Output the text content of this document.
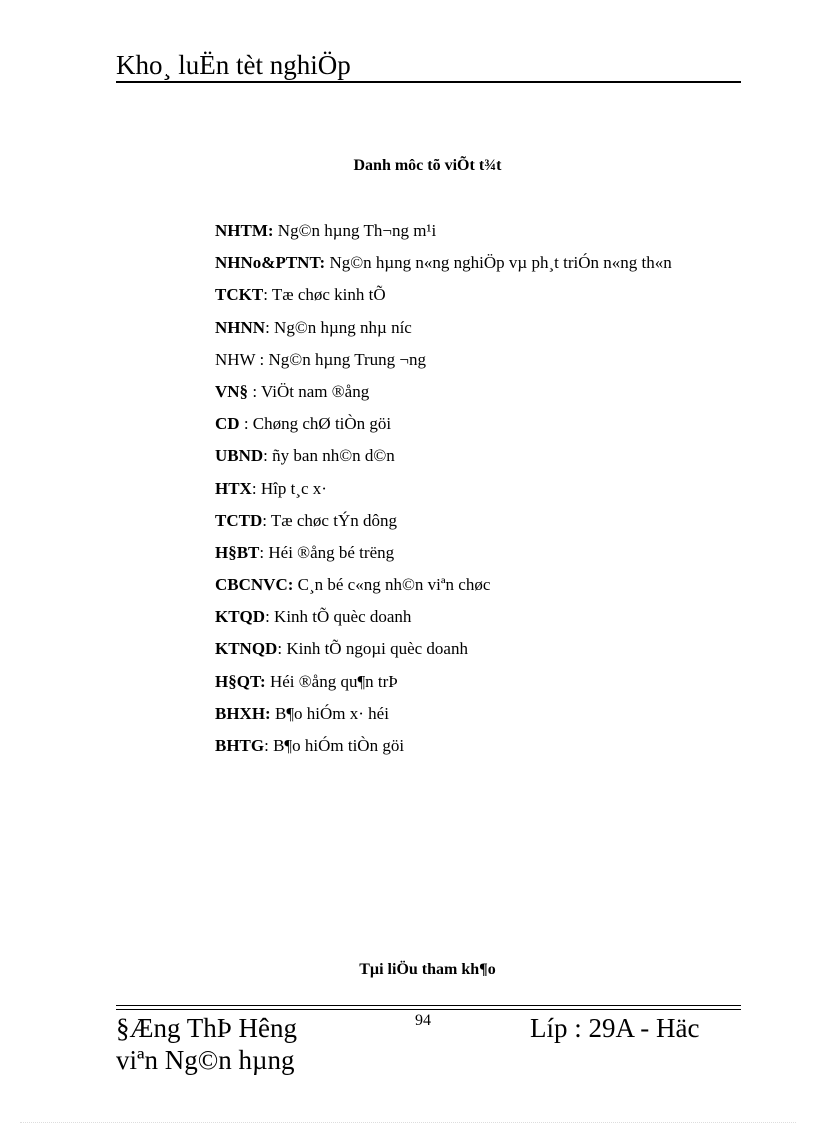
Kho¸ luËn tèt nghiÖp
Danh môc tõ viÕt t¾t
NHTM: Ng©n hµng Th¬ng m¹i
NHNo&PTNT: Ng©n hµng n«ng nghiÖp vµ ph¸t triÓn n«ng th«n
TCKT: Tæ chøc kinh tÕ
NHNN: Ng©n hµng nhµ níc
NHW : Ng©n hµng Trung ¬ng
VN§ : ViÖt nam ®ång
CD : Chøng chØ tiÒn göi
UBND: ñy ban nh©n d©n
HTX: Hîp t¸c x·
TCTD: Tæ chøc tÝn dông
H§BT: Héi ®ång bé trëng
CBCNVC: C¸n bé c«ng nh©n viªn chøc
KTQD: Kinh tÕ quèc doanh
KTNQD: Kinh tÕ ngoµi quèc doanh
H§QT: Héi ®ång qu¶n trÞ
BHXH: B¶o hiÓm x· héi
BHTG: B¶o hiÓm tiÒn göi
Tµi liÖu tham kh¶o
§Æng ThÞ Hêng
viªn Ng©n hµng
94	Líp : 29A - Häc
